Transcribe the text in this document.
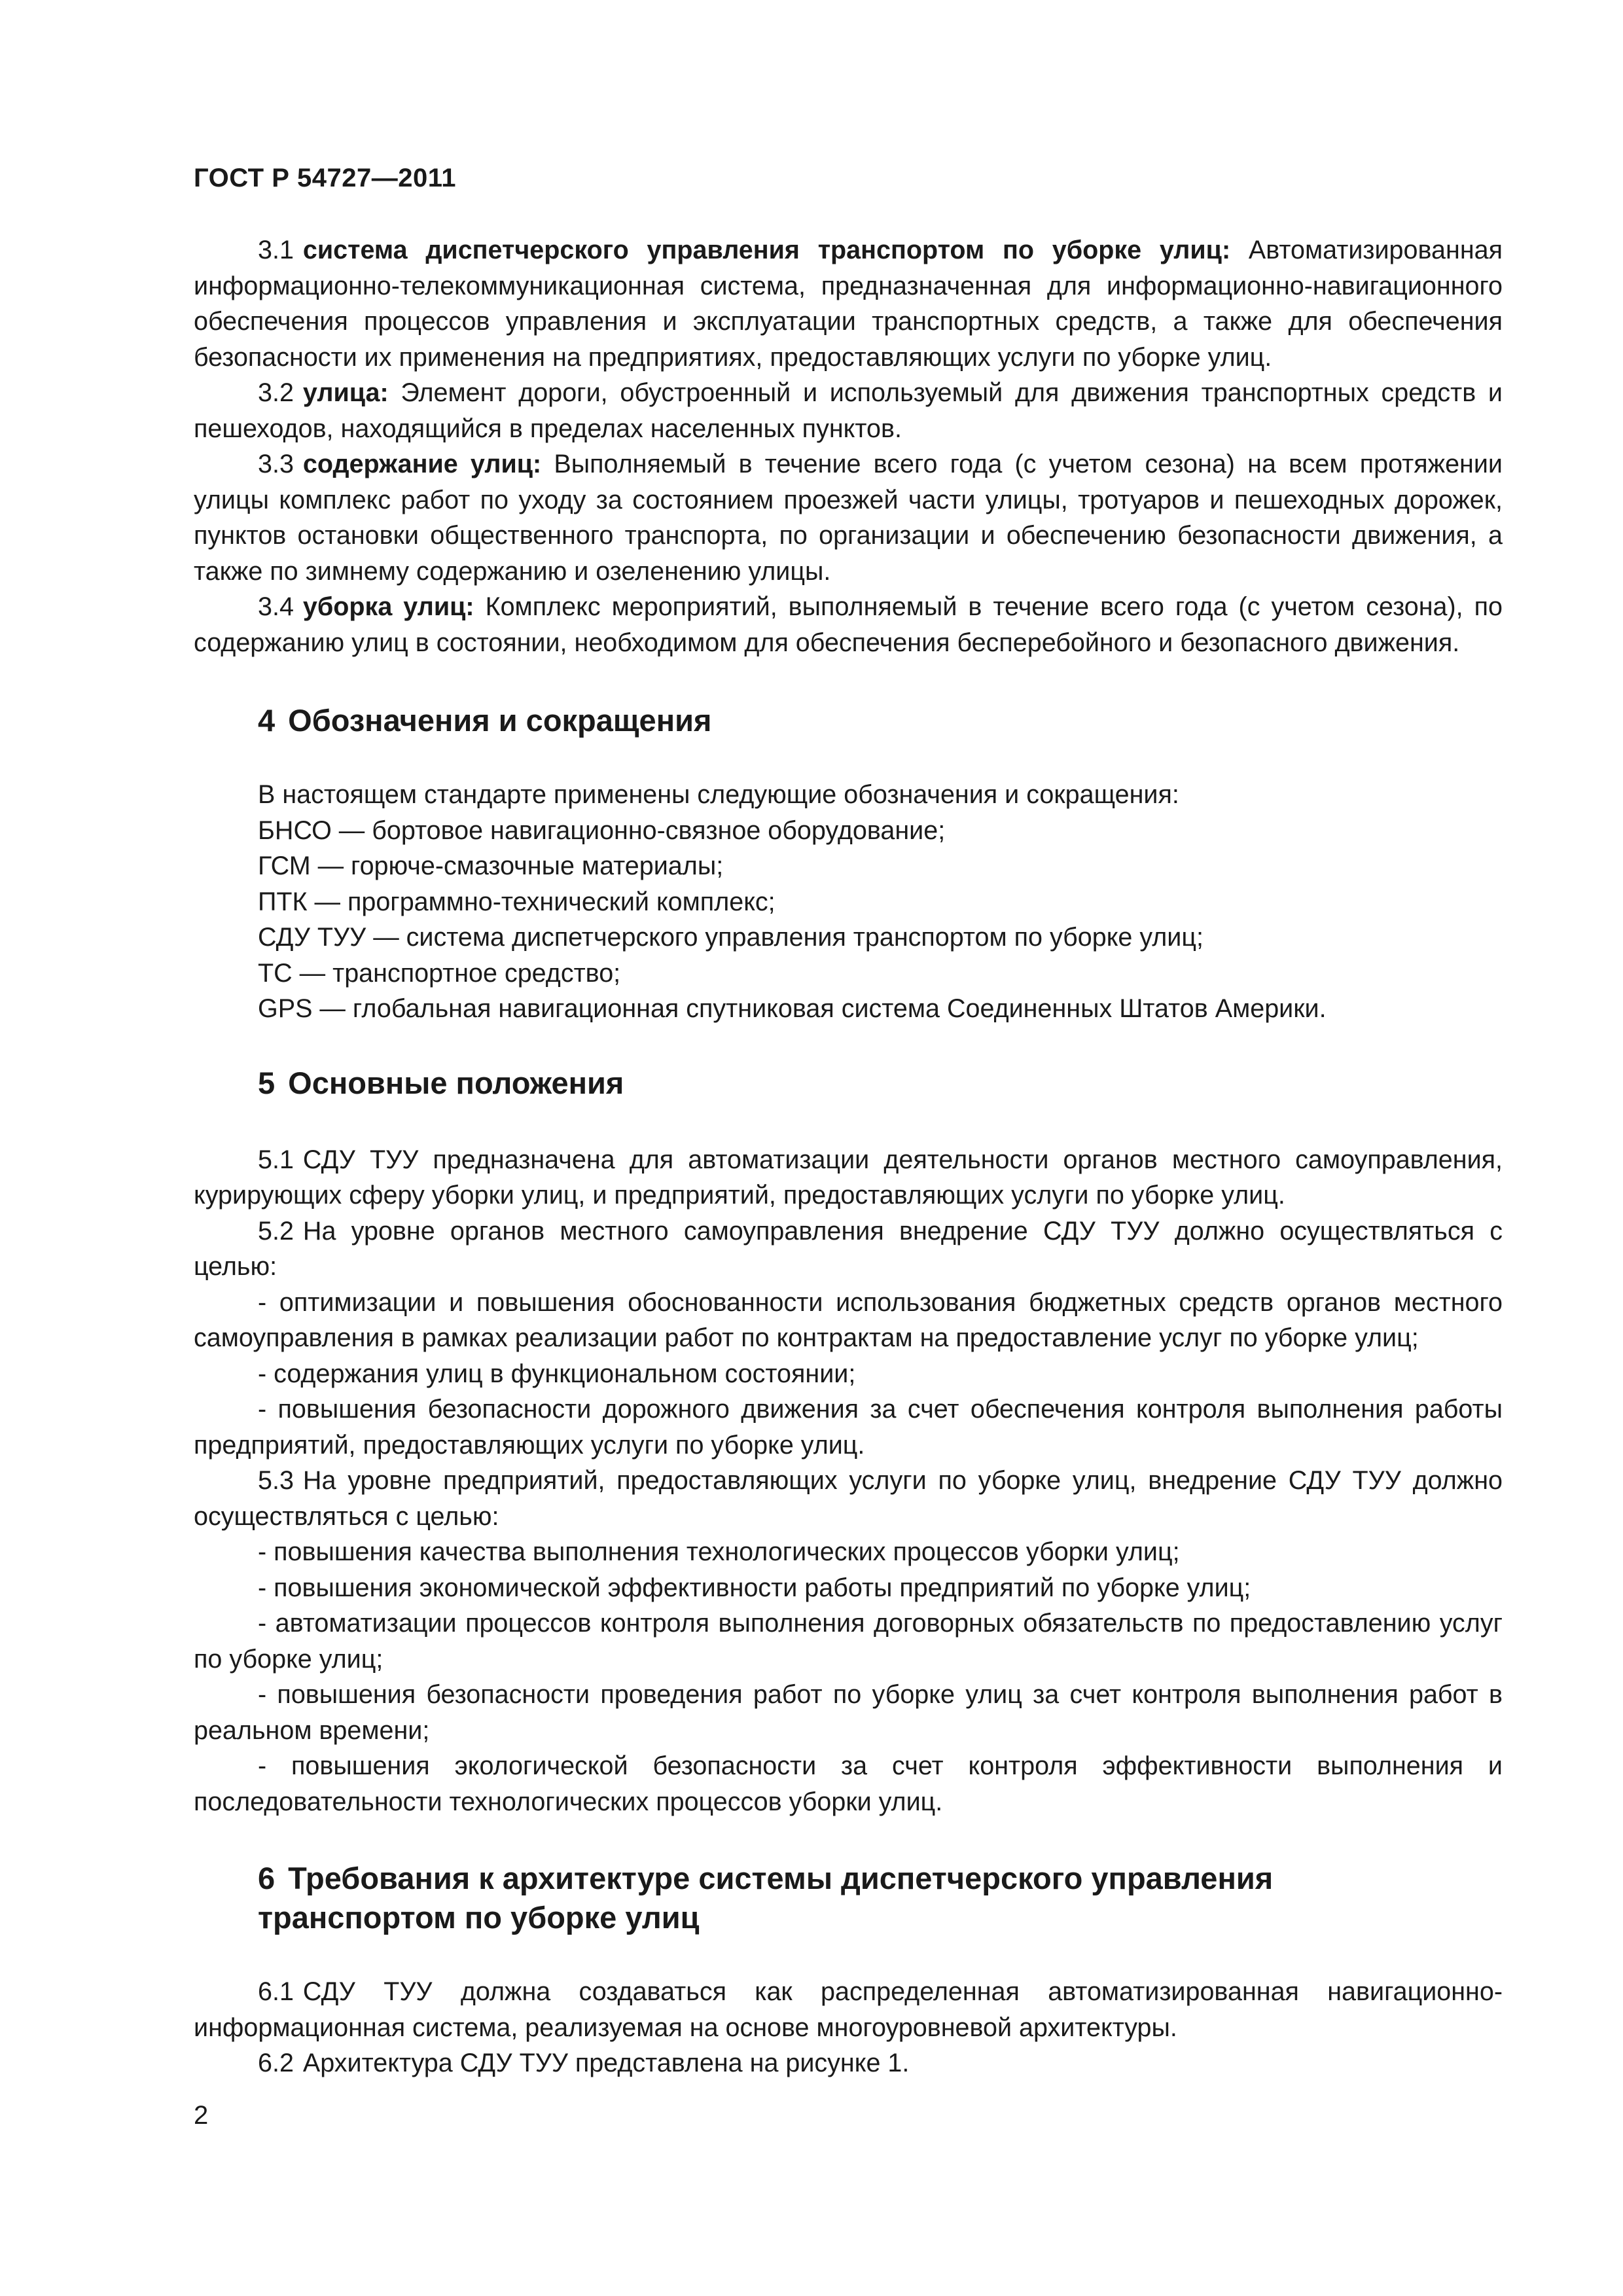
ГОСТ Р 54727—2011

3.1 система диспетчерского управления транспортом по уборке улиц: Автоматизированная информационно-телекоммуникационная система, предназначенная для информационно-навигационного обеспечения процессов управления и эксплуатации транспортных средств, а также для обеспечения безопасности их применения на предприятиях, предоставляющих услуги по уборке улиц.

3.2 улица: Элемент дороги, обустроенный и используемый для движения транспортных средств и пешеходов, находящийся в пределах населенных пунктов.

3.3 содержание улиц: Выполняемый в течение всего года (с учетом сезона) на всем протяжении улицы комплекс работ по уходу за состоянием проезжей части улицы, тротуаров и пешеходных дорожек, пунктов остановки общественного транспорта, по организации и обеспечению безопасности движения, а также по зимнему содержанию и озеленению улицы.

3.4 уборка улиц: Комплекс мероприятий, выполняемый в течение всего года (с учетом сезона), по содержанию улиц в состоянии, необходимом для обеспечения бесперебойного и безопасного движения.

4 Обозначения и сокращения
В настоящем стандарте применены следующие обозначения и сокращения:
БНСО — бортовое навигационно-связное оборудование;
ГСМ — горюче-смазочные материалы;
ПТК — программно-технический комплекс;
СДУ ТУУ — система диспетчерского управления транспортом по уборке улиц;
ТС — транспортное средство;
GPS — глобальная навигационная спутниковая система Соединенных Штатов Америки.
5 Основные положения

5.1 СДУ ТУУ предназначена для автоматизации деятельности органов местного самоуправления, курирующих сферу уборки улиц, и предприятий, предоставляющих услуги по уборке улиц.

5.2 На уровне органов местного самоуправления внедрение СДУ ТУУ должно осуществляться с целью:

- оптимизации и повышения обоснованности использования бюджетных средств органов местного самоуправления в рамках реализации работ по контрактам на предоставление услуг по уборке улиц;

- содержания улиц в функциональном состоянии;

- повышения безопасности дорожного движения за счет обеспечения контроля выполнения работы предприятий, предоставляющих услуги по уборке улиц.

5.3 На уровне предприятий, предоставляющих услуги по уборке улиц, внедрение СДУ ТУУ должно осуществляться с целью:

- повышения качества выполнения технологических процессов уборки улиц;

- повышения экономической эффективности работы предприятий по уборке улиц;

- автоматизации процессов контроля выполнения договорных обязательств по предоставлению услуг по уборке улиц;

- повышения безопасности проведения работ по уборке улиц за счет контроля выполнения работ в реальном времени;

- повышения экологической безопасности за счет контроля эффективности выполнения и последовательности технологических процессов уборки улиц.

6 Требования к архитектуре системы диспетчерского управления
транспортом по уборке улиц

6.1 СДУ ТУУ должна создаваться как распределенная автоматизированная навигационно-информационная система, реализуемая на основе многоуровневой архитектуры.

6.2 Архитектура СДУ ТУУ представлена на рисунке 1.

2
